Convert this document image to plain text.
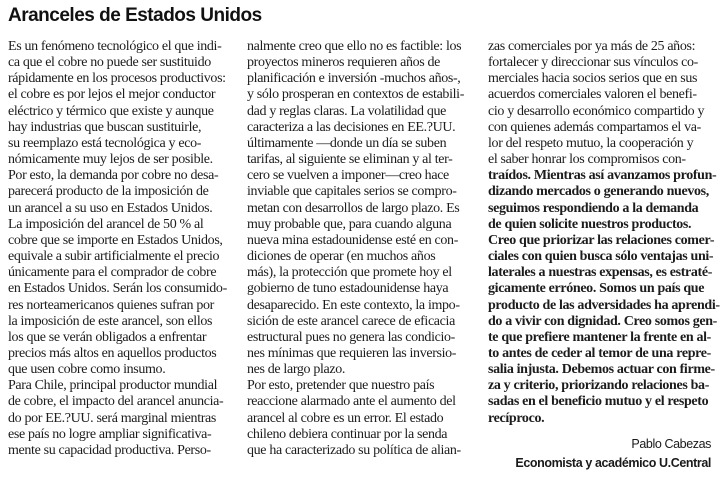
Aranceles de Estados Unidos
Es un fenómeno tecnológico el que indi-
ca que el cobre no puede ser sustituido
rápidamente en los procesos productivos:
el cobre es por lejos el mejor conductor
eléctrico y térmico que existe y aunque
hay industrias que buscan sustituirle,
su reemplazo está tecnológica y eco-
nómicamente muy lejos de ser posible.
Por esto, la demanda por cobre no desa-
parecerá producto de la imposición de
un arancel a su uso en Estados Unidos.
La imposición del arancel de 50 % al
cobre que se importe en Estados Unidos,
equivale a subir artificialmente el precio
únicamente para el comprador de cobre
en Estados Unidos. Serán los consumido-
res norteamericanos quienes sufran por
la imposición de este arancel, son ellos
los que se verán obligados a enfrentar
precios más altos en aquellos productos
que usen cobre como insumo.
Para Chile, principal productor mundial
de cobre, el impacto del arancel anuncia-
do por EE.?UU. será marginal mientras
ese país no logre ampliar significativa-
mente su capacidad productiva. Perso-
nalmente creo que ello no es factible: los
proyectos mineros requieren años de
planificación e inversión -muchos años-,
y sólo prosperan en contextos de estabili-
dad y reglas claras. La volatilidad que
caracteriza a las decisiones en EE.?UU.
últimamente —donde un día se suben
tarifas, al siguiente se eliminan y al ter-
cero se vuelven a imponer—creo hace
inviable que capitales serios se compro-
metan con desarrollos de largo plazo. Es
muy probable que, para cuando alguna
nueva mina estadounidense esté en con-
diciones de operar (en muchos años
más), la protección que promete hoy el
gobierno de tuno estadounidense haya
desaparecido. En este contexto, la impo-
sición de este arancel carece de eficacia
estructural pues no genera las condicio-
nes mínimas que requieren las inversio-
nes de largo plazo.
Por esto, pretender que nuestro país
reaccione alarmado ante el aumento del
arancel al cobre es un error. El estado
chileno debiera continuar por la senda
que ha caracterizado su política de alian-
zas comerciales por ya más de 25 años:
fortalecer y direccionar sus vínculos co-
merciales hacia socios serios que en sus
acuerdos comerciales valoren el benefi-
cio y desarrollo económico compartido y
con quienes además compartamos el va-
lor del respeto mutuo, la cooperación y
el saber honrar los compromisos con-
traídos. Mientras así avanzamos profun-
dizando mercados o generando nuevos,
seguimos respondiendo a la demanda
de quien solicite nuestros productos.
Creo que priorizar las relaciones comer-
ciales con quien busca sólo ventajas uni-
laterales a nuestras expensas, es estraté-
gicamente erróneo. Somos un país que
producto de las adversidades ha aprendi-
do a vivir con dignidad. Creo somos gen-
te que prefiere mantener la frente en al-
to antes de ceder al temor de una repre-
salia injusta. Debemos actuar con firme-
za y criterio, priorizando relaciones ba-
sadas en el beneficio mutuo y el respeto
recíproco.
Pablo Cabezas
Economista y académico U.Central
